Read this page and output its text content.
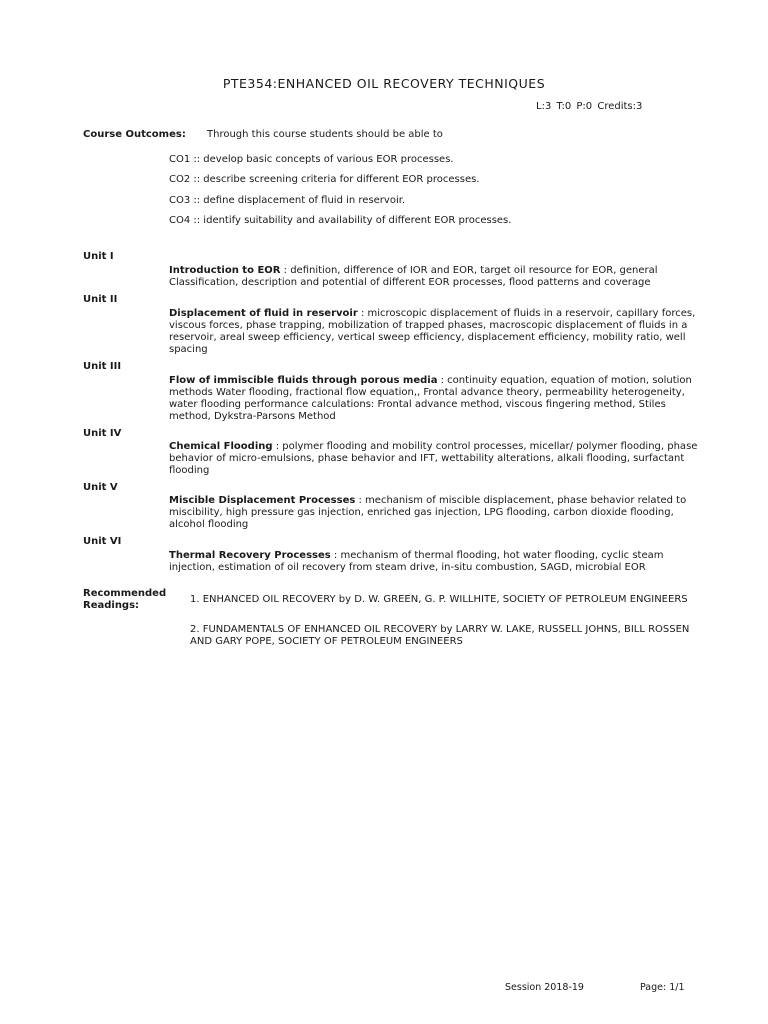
PTE354:ENHANCED OIL RECOVERY TECHNIQUES
L:3 T:0 P:0 Credits:3
Course Outcomes: Through this course students should be able to
CO1 :: develop basic concepts of various EOR processes.
CO2 :: describe screening criteria for different EOR processes.
CO3 :: define displacement of fluid in reservoir.
CO4 :: identify suitability and availability of different EOR processes.
Unit I
Introduction to EOR : definition, difference of IOR and EOR, target oil resource for EOR, general Classification, description and potential of different EOR processes, flood patterns and coverage
Unit II
Displacement of fluid in reservoir : microscopic displacement of fluids in a reservoir, capillary forces, viscous forces, phase trapping, mobilization of trapped phases, macroscopic displacement of fluids in a reservoir, areal sweep efficiency, vertical sweep efficiency, displacement efficiency, mobility ratio, well spacing
Unit III
Flow of immiscible fluids through porous media : continuity equation, equation of motion, solution methods Water flooding, fractional flow equation,, Frontal advance theory, permeability heterogeneity, water flooding performance calculations: Frontal advance method, viscous fingering method, Stiles method, Dykstra-Parsons Method
Unit IV
Chemical Flooding : polymer flooding and mobility control processes, micellar/ polymer flooding, phase behavior of micro-emulsions, phase behavior and IFT, wettability alterations, alkali flooding, surfactant flooding
Unit V
Miscible Displacement Processes : mechanism of miscible displacement, phase behavior related to miscibility, high pressure gas injection, enriched gas injection, LPG flooding, carbon dioxide flooding, alcohol flooding
Unit VI
Thermal Recovery Processes : mechanism of thermal flooding, hot water flooding, cyclic steam injection, estimation of oil recovery from steam drive, in-situ combustion, SAGD, microbial EOR
Recommended
Readings:
1. ENHANCED OIL RECOVERY by D. W. GREEN, G. P. WILLHITE, SOCIETY OF PETROLEUM ENGINEERS
2. FUNDAMENTALS OF ENHANCED OIL RECOVERY by LARRY W. LAKE, RUSSELL JOHNS, BILL ROSSEN AND GARY POPE, SOCIETY OF PETROLEUM ENGINEERS
Session 2018-19	Page: 1/1
